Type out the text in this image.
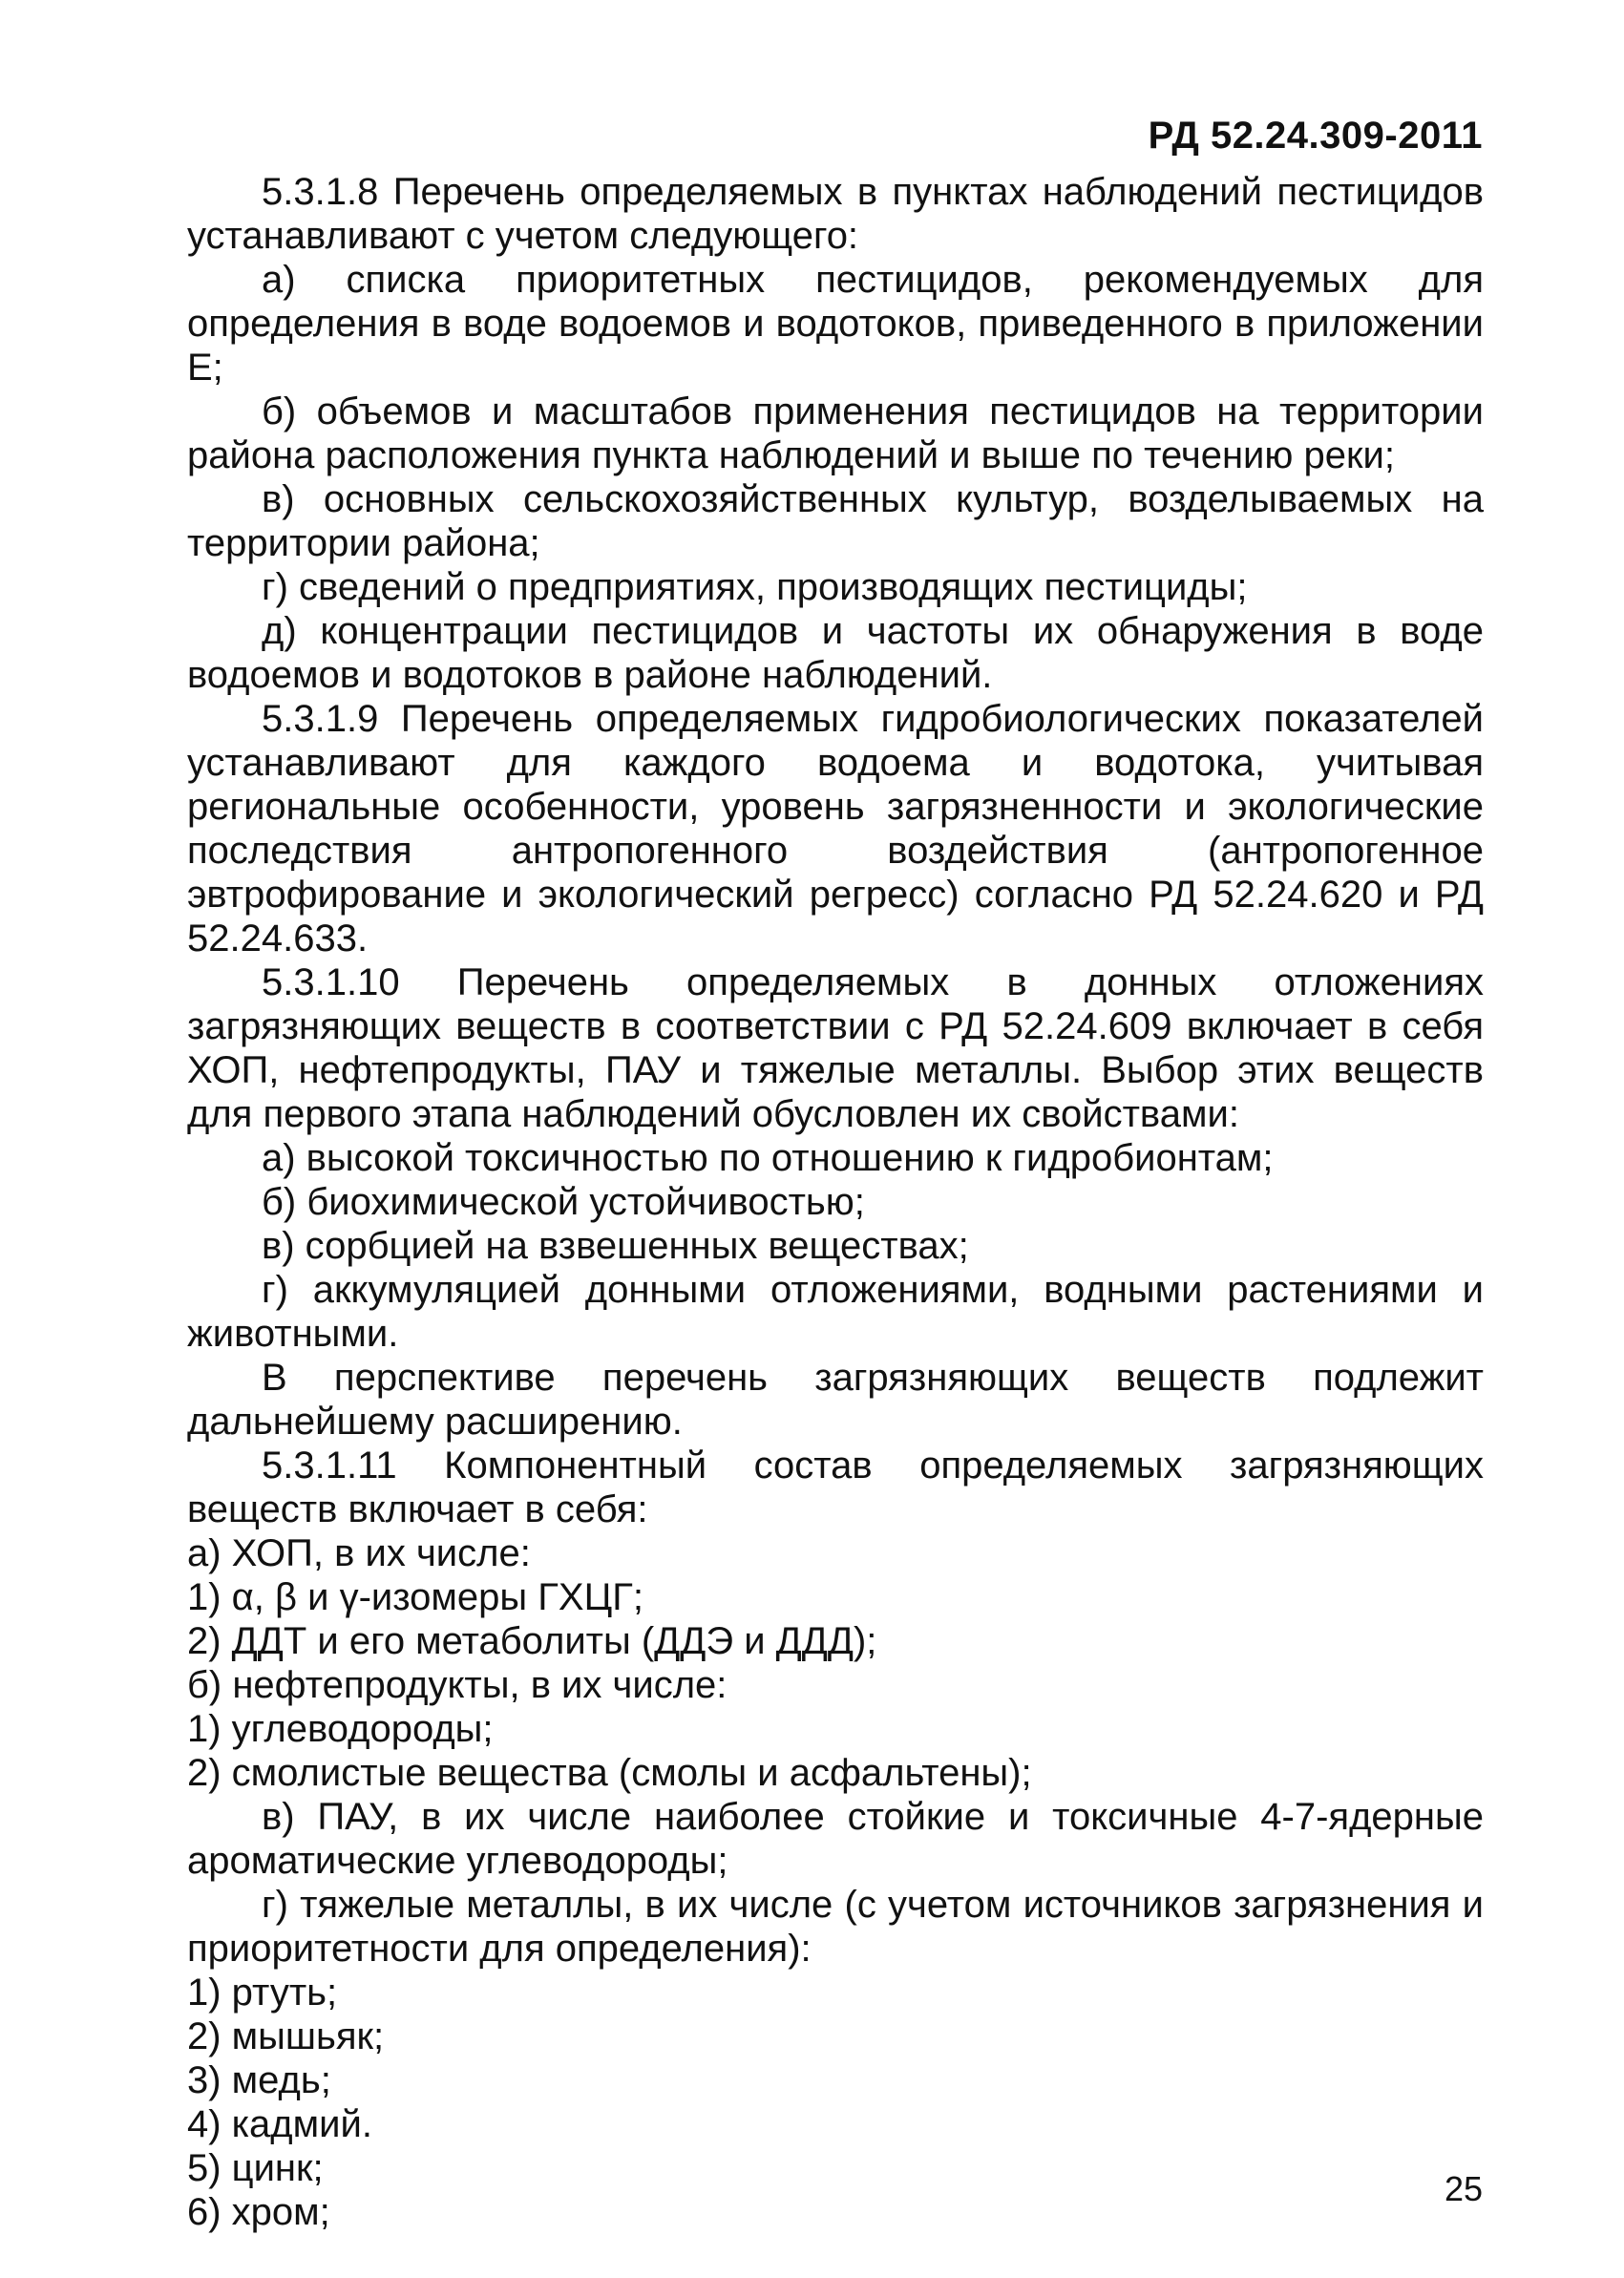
РД 52.24.309-2011

5.3.1.8 Перечень определяемых в пунктах наблюдений пестицидов устанавливают с учетом следующего:

а) списка приоритетных пестицидов, рекомендуемых для определения в воде водоемов и водотоков, приведенного в приложении Е;

б) объемов и масштабов применения пестицидов на территории района расположения пункта наблюдений и выше по течению реки;

в) основных сельскохозяйственных культур, возделываемых на территории района;

г) сведений о предприятиях, производящих пестициды;

д) концентрации пестицидов и частоты их обнаружения в воде водоемов и водотоков в районе наблюдений.

5.3.1.9 Перечень определяемых гидробиологических показателей устанавливают для каждого водоема и водотока, учитывая региональные особенности, уровень загрязненности и экологические последствия антропогенного воздействия (антропогенное эвтрофирование и экологический регресс) согласно РД 52.24.620 и РД 52.24.633.

5.3.1.10 Перечень определяемых в донных отложениях загрязняющих веществ в соответствии с РД 52.24.609 включает в себя ХОП, нефтепродукты, ПАУ и тяжелые металлы. Выбор этих веществ для первого этапа наблюдений обусловлен их свойствами:

а) высокой токсичностью по отношению к гидробионтам;

б) биохимической устойчивостью;

в) сорбцией на взвешенных веществах;

г) аккумуляцией донными отложениями, водными растениями и животными.

В перспективе перечень загрязняющих веществ подлежит дальнейшему расширению.

5.3.1.11 Компонентный состав определяемых загрязняющих веществ включает в себя:

а) ХОП, в их числе:

1) α, β и γ-изомеры ГХЦГ;

2) ДДТ и его метаболиты (ДДЭ и ДДД);

б) нефтепродукты, в их числе:

1) углеводороды;

2) смолистые вещества (смолы и асфальтены);

в) ПАУ, в их числе наиболее стойкие и токсичные 4-7-ядерные ароматические углеводороды;

г) тяжелые металлы, в их числе (с учетом источников загрязнения и приоритетности для определения):

1) ртуть;

2) мышьяк;

3) медь;

4) кадмий.

5) цинк;

6) хром;

25
